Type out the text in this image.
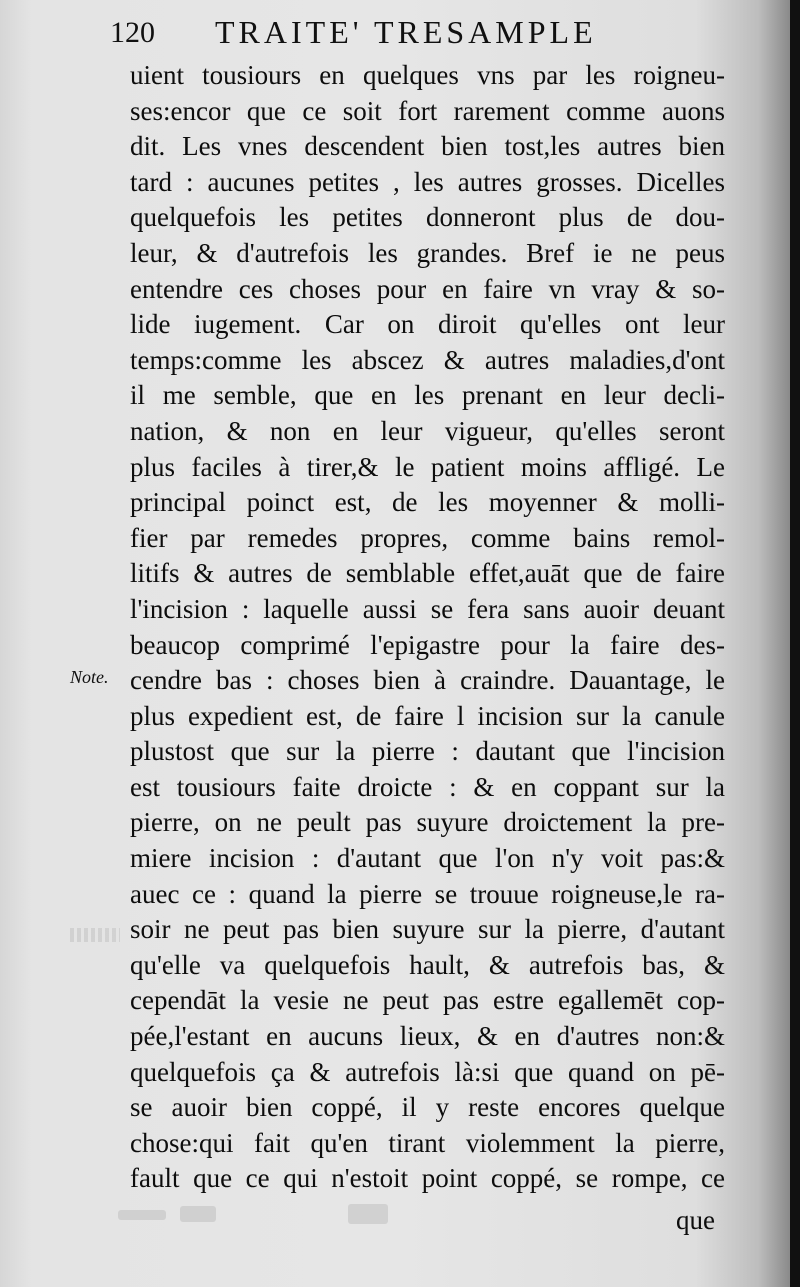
120 TRAITE' TRESAMPLE
Note.
uient tousiours en quelques vns par les roigneu-
ses:encor que ce soit fort rarement comme auons
dit. Les vnes descendent bien tost,les autres bien
tard : aucunes petites , les autres grosses. Dicelles
quelquefois les petites donneront plus de dou-
leur, & d'autrefois les grandes. Bref ie ne peus
entendre ces choses pour en faire vn vray & so-
lide iugement. Car on diroit qu'elles ont leur
temps:comme les abscez & autres maladies,d'ont
il me semble, que en les prenant en leur decli-
nation, & non en leur vigueur, qu'elles seront
plus faciles à tirer,& le patient moins affligé. Le
principal poinct est, de les moyenner & molli-
fier par remedes propres, comme bains remol-
litifs & autres de semblable effet,auāt que de faire
l'incision : laquelle aussi se fera sans auoir deuant
beaucop comprimé l'epigastre pour la faire des-
cendre bas : choses bien à craindre. Dauantage, le
plus expedient est, de faire l incision sur la canule
plustost que sur la pierre : dautant que l'incision
est tousiours faite droicte : & en coppant sur la
pierre, on ne peult pas suyure droictement la pre-
miere incision : d'autant que l'on n'y voit pas:&
auec ce : quand la pierre se trouue roigneuse,le ra-
soir ne peut pas bien suyure sur la pierre, d'autant
qu'elle va quelquefois hault, & autrefois bas, &
cependāt la vesie ne peut pas estre egallemēt cop-
pée,l'estant en aucuns lieux, & en d'autres non:&
quelquefois ça & autrefois là:si que quand on pē-
se auoir bien coppé, il y reste encores quelque
chose:qui fait qu'en tirant violemment la pierre,
fault que ce qui n'estoit point coppé, se rompe, ce
que
